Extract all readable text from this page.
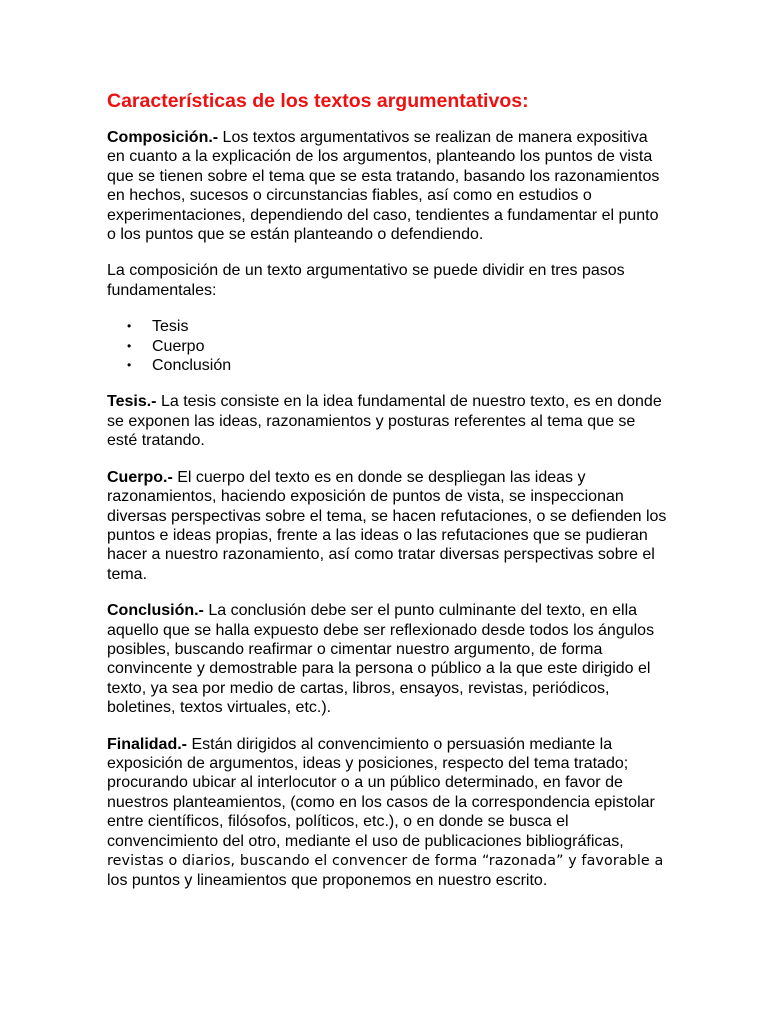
Características de los textos argumentativos:

Composición.- Los textos argumentativos se realizan de manera expositiva en cuanto a la explicación de los argumentos, planteando los puntos de vista que se tienen sobre el tema que se esta tratando, basando los razonamientos en hechos, sucesos o circunstancias fiables, así como en estudios o experimentaciones, dependiendo del caso, tendientes a fundamentar el punto o los puntos que se están planteando o defendiendo.

La composición de un texto argumentativo se puede dividir en tres pasos fundamentales:

• Tesis
• Cuerpo
• Conclusión

Tesis.- La tesis consiste en la idea fundamental de nuestro texto, es en donde se exponen las ideas, razonamientos y posturas referentes al tema que se esté tratando.

Cuerpo.- El cuerpo del texto es en donde se despliegan las ideas y razonamientos, haciendo exposición de puntos de vista, se inspeccionan diversas perspectivas sobre el tema, se hacen refutaciones, o se defienden los puntos e ideas propias, frente a las ideas o las refutaciones que se pudieran hacer a nuestro razonamiento, así como tratar diversas perspectivas sobre el tema.

Conclusión.- La conclusión debe ser el punto culminante del texto, en ella aquello que se halla expuesto debe ser reflexionado desde todos los ángulos posibles, buscando reafirmar o cimentar nuestro argumento, de forma convincente y demostrable para la persona o público a la que este dirigido el texto, ya sea por medio de cartas, libros, ensayos, revistas, periódicos, boletines, textos virtuales, etc.).

Finalidad.- Están dirigidos al convencimiento o persuasión mediante la exposición de argumentos, ideas y posiciones, respecto del tema tratado; procurando ubicar al interlocutor o a un público determinado, en favor de nuestros planteamientos, (como en los casos de la correspondencia epistolar entre científicos, filósofos, políticos, etc.), o en donde se busca el convencimiento del otro, mediante el uso de publicaciones bibliográficas, revistas o diarios, buscando el convencer de forma “razonada” y favorable a los puntos y lineamientos que proponemos en nuestro escrito.
